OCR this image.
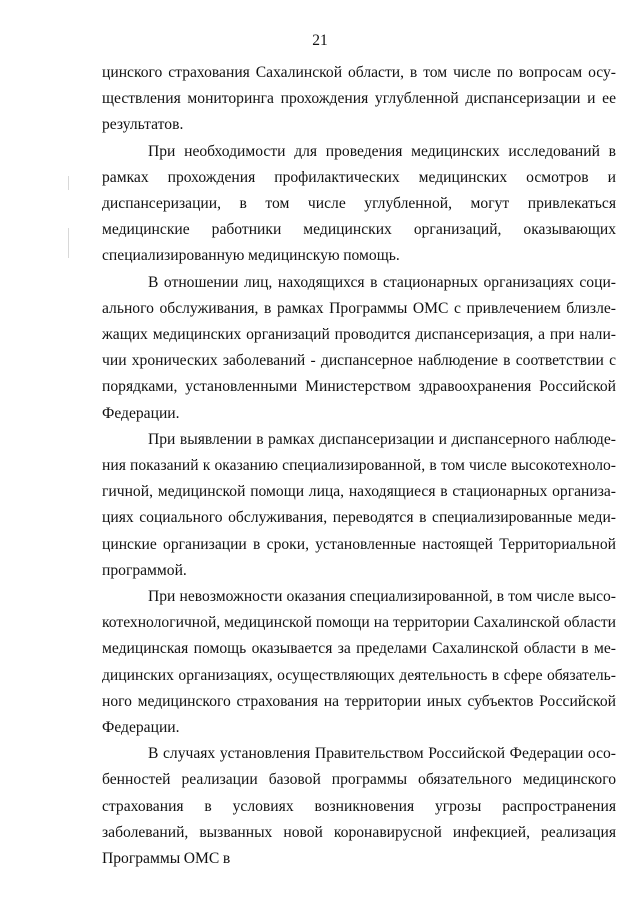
21

цинского страхования Сахалинской области, в том числе по вопросам осуществления мониторинга прохождения углубленной диспансеризации и ее результатов.

При необходимости для проведения медицинских исследований в рамках прохождения профилактических медицинских осмотров и диспансеризации, в том числе углубленной, могут привлекаться медицинские работники медицинских организаций, оказывающих специализированную медицинскую помощь.

В отношении лиц, находящихся в стационарных организациях социального обслуживания, в рамках Программы ОМС с привлечением близлежащих медицинских организаций проводится диспансеризация, а при наличии хронических заболеваний - диспансерное наблюдение в соответствии с порядками, установленными Министерством здравоохранения Российской Федерации.

При выявлении в рамках диспансеризации и диспансерного наблюдения показаний к оказанию специализированной, в том числе высокотехнологичной, медицинской помощи лица, находящиеся в стационарных организациях социального обслуживания, переводятся в специализированные медицинские организации в сроки, установленные настоящей Территориальной программой.

При невозможности оказания специализированной, в том числе высокотехнологичной, медицинской помощи на территории Сахалинской области медицинская помощь оказывается за пределами Сахалинской области в медицинских организациях, осуществляющих деятельность в сфере обязательного медицинского страхования на территории иных субъектов Российской Федерации.

В случаях установления Правительством Российской Федерации особенностей реализации базовой программы обязательного медицинского страхования в условиях возникновения угрозы распространения заболеваний, вызванных новой коронавирусной инфекцией, реализация Программы ОМС в
